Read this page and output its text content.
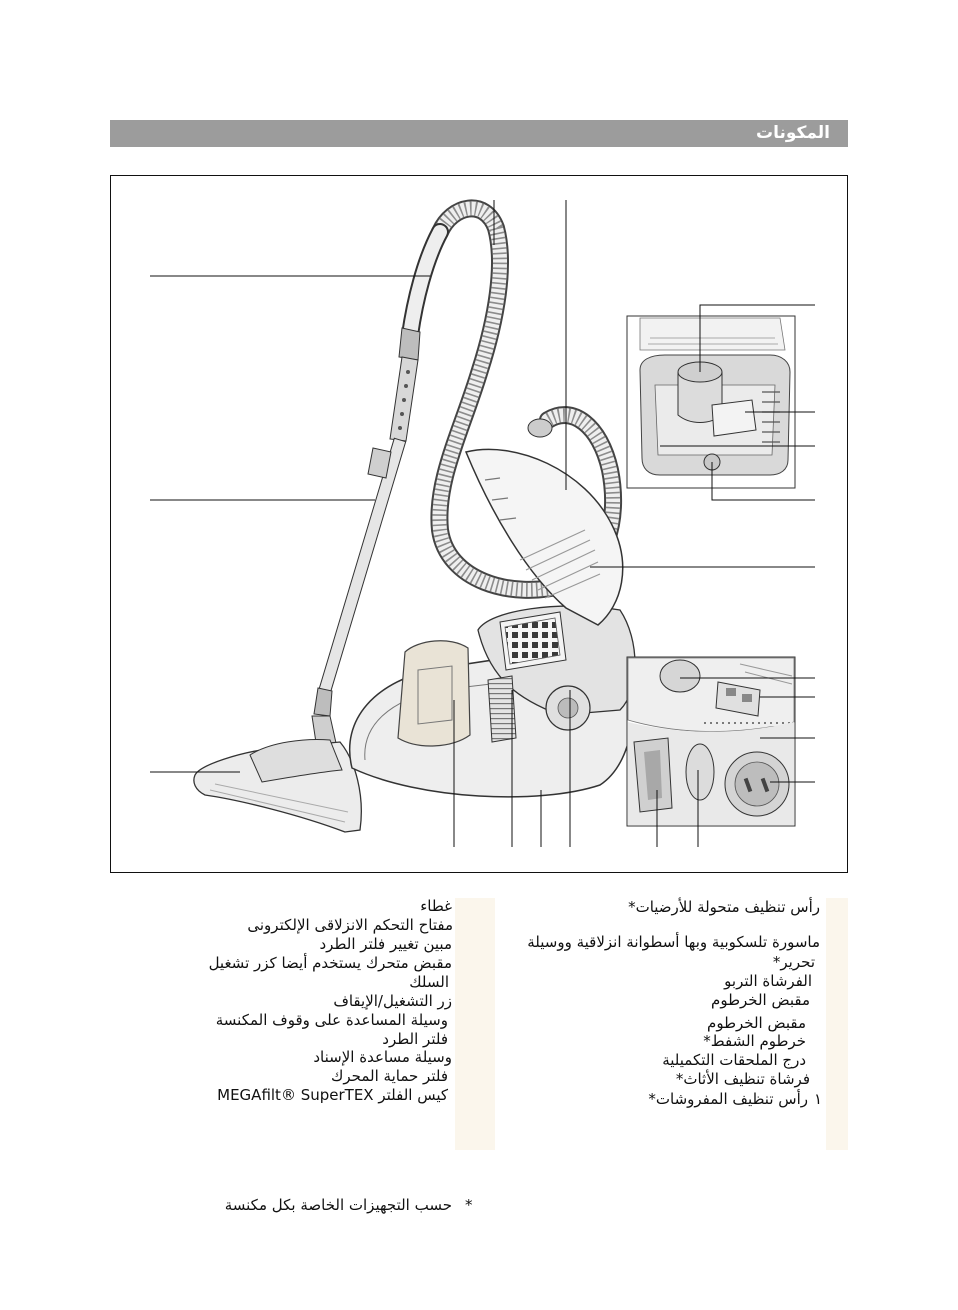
المكونات
رأس تنظيف متحولة للأرضيات*
ماسورة تلسكوبية وبها أسطوانة انزلاقية ووسيلة
تحرير*
الفرشاة التربو
مقبض الخرطوم
مقبض الخرطوم
خرطوم الشفط*
درج الملحقات التكميلية
فرشاة تنظيف الأثاث*
رأس تنظيف المفروشات* ١
غطاء
مفتاح التحكم الانزلاقى الإلكترونى
مبين تغيير فلتر الطرد
مقبض متحرك يستخدم أيضا كزر تشغيل
السلك
زر التشغيل/الإيقاف
وسيلة المساعدة على وقوف المكنسة
فلتر الطرد
وسيلة مساعدة الإسناد
فلتر حماية المحرك
كيس الفلتر MEGAfilt® SuperTEX
*
حسب التجهيزات الخاصة بكل مكنسة
